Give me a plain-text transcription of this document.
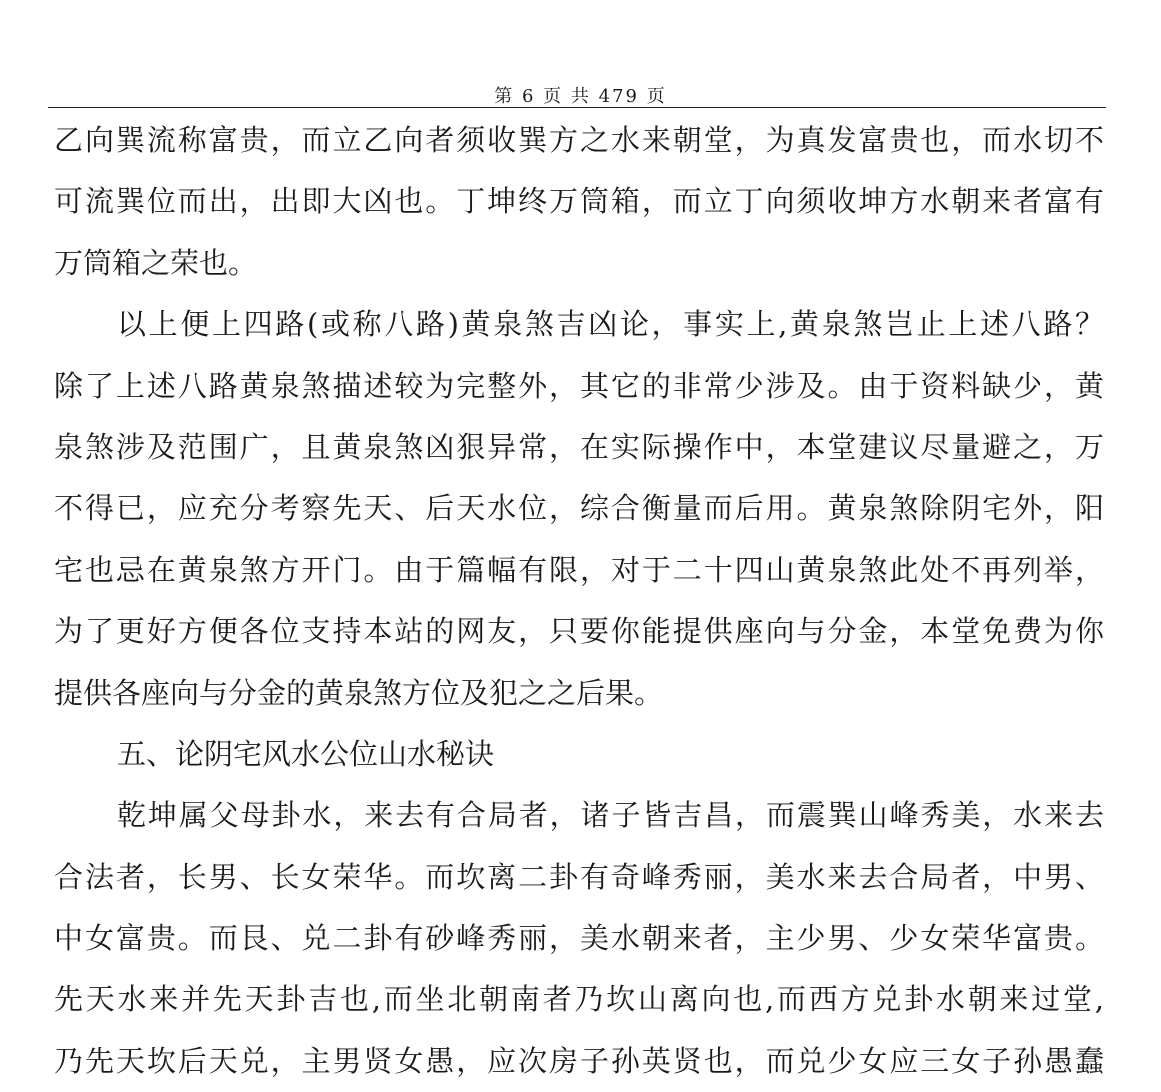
第 6 页 共 479 页
乙向巽流称富贵，而立乙向者须收巽方之水来朝堂，为真发富贵也，而水切不
可流巽位而出，出即大凶也。丁坤终万筒箱，而立丁向须收坤方水朝来者富有
万筒箱之荣也。
以上便上四路(或称八路)黄泉煞吉凶论，事实上,黄泉煞岂止上述八路？
除了上述八路黄泉煞描述较为完整外，其它的非常少涉及。由于资料缺少，黄
泉煞涉及范围广，且黄泉煞凶狠异常，在实际操作中，本堂建议尽量避之，万
不得已，应充分考察先天、后天水位，综合衡量而后用。黄泉煞除阴宅外，阳
宅也忌在黄泉煞方开门。由于篇幅有限，对于二十四山黄泉煞此处不再列举，
为了更好方便各位支持本站的网友，只要你能提供座向与分金，本堂免费为你
提供各座向与分金的黄泉煞方位及犯之之后果。
五、论阴宅风水公位山水秘诀
乾坤属父母卦水，来去有合局者，诸子皆吉昌，而震巽山峰秀美，水来去
合法者，长男、长女荣华。而坎离二卦有奇峰秀丽，美水来去合局者，中男、
中女富贵。而艮、兑二卦有砂峰秀丽，美水朝来者，主少男、少女荣华富贵。
先天水来并先天卦吉也,而坐北朝南者乃坎山离向也,而西方兑卦水朝来过堂,
乃先天坎后天兑，主男贤女愚，应次房子孙英贤也，而兑少女应三女子孙愚蠢
